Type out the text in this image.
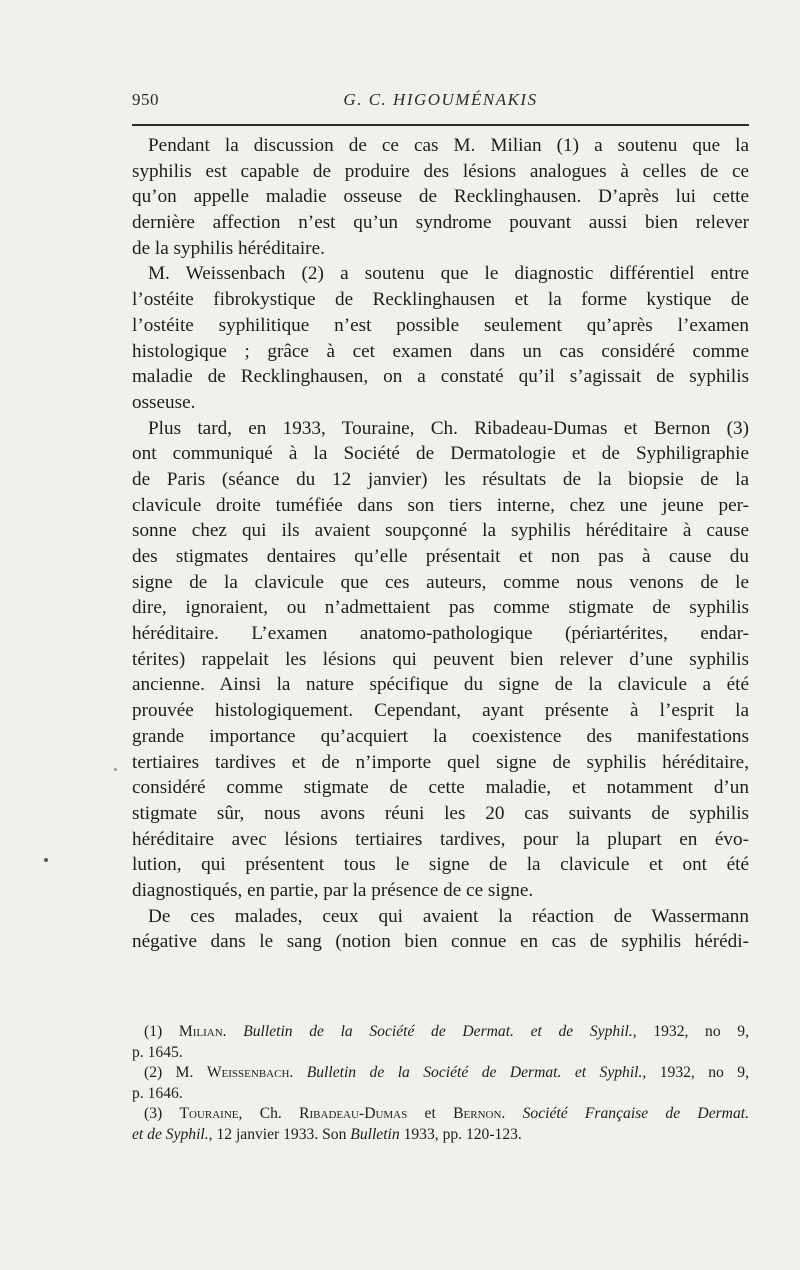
950	G. C. HIGOUMÉNAKIS
Pendant la discussion de ce cas M. Milian (1) a soutenu que la
syphilis est capable de produire des lésions analogues à celles de ce
qu’on appelle maladie osseuse de Recklinghausen. D’après lui cette
dernière affection n’est qu’un syndrome pouvant aussi bien relever
de la syphilis héréditaire.
M. Weissenbach (2) a soutenu que le diagnostic différentiel entre
l’ostéite fibrokystique de Recklinghausen et la forme kystique de
l’ostéite syphilitique n’est possible seulement qu’après l’examen
histologique ; grâce à cet examen dans un cas considéré comme
maladie de Recklinghausen, on a constaté qu’il s’agissait de syphilis
osseuse.
Plus tard, en 1933, Touraine, Ch. Ribadeau-Dumas et Bernon (3)
ont communiqué à la Société de Dermatologie et de Syphiligraphie
de Paris (séance du 12 janvier) les résultats de la biopsie de la
clavicule droite tuméfiée dans son tiers interne, chez une jeune per-
sonne chez qui ils avaient soupçonné la syphilis héréditaire à cause
des stigmates dentaires qu’elle présentait et non pas à cause du
signe de la clavicule que ces auteurs, comme nous venons de le
dire, ignoraient, ou n’admettaient pas comme stigmate de syphilis
héréditaire. L’examen anatomo-pathologique (périartérites, endar-
térites) rappelait les lésions qui peuvent bien relever d’une syphilis
ancienne. Ainsi la nature spécifique du signe de la clavicule a été
prouvée histologiquement. Cependant, ayant présente à l’esprit la
grande importance qu’acquiert la coexistence des manifestations
tertiaires tardives et de n’importe quel signe de syphilis héréditaire,
considéré comme stigmate de cette maladie, et notamment d’un
stigmate sûr, nous avons réuni les 20 cas suivants de syphilis
héréditaire avec lésions tertiaires tardives, pour la plupart en évo-
lution, qui présentent tous le signe de la clavicule et ont été
diagnostiqués, en partie, par la présence de ce signe.
De ces malades, ceux qui avaient la réaction de Wassermann
négative dans le sang (notion bien connue en cas de syphilis hérédi-
(1) Milian. Bulletin de la Société de Dermat. et de Syphil., 1932, no 9,
p. 1645.
(2) M. Weissenbach. Bulletin de la Société de Dermat. et Syphil., 1932, no 9,
p. 1646.
(3) Touraine, Ch. Ribadeau-Dumas et Bernon. Société Française de Dermat.
et de Syphil., 12 janvier 1933. Son Bulletin 1933, pp. 120-123.
